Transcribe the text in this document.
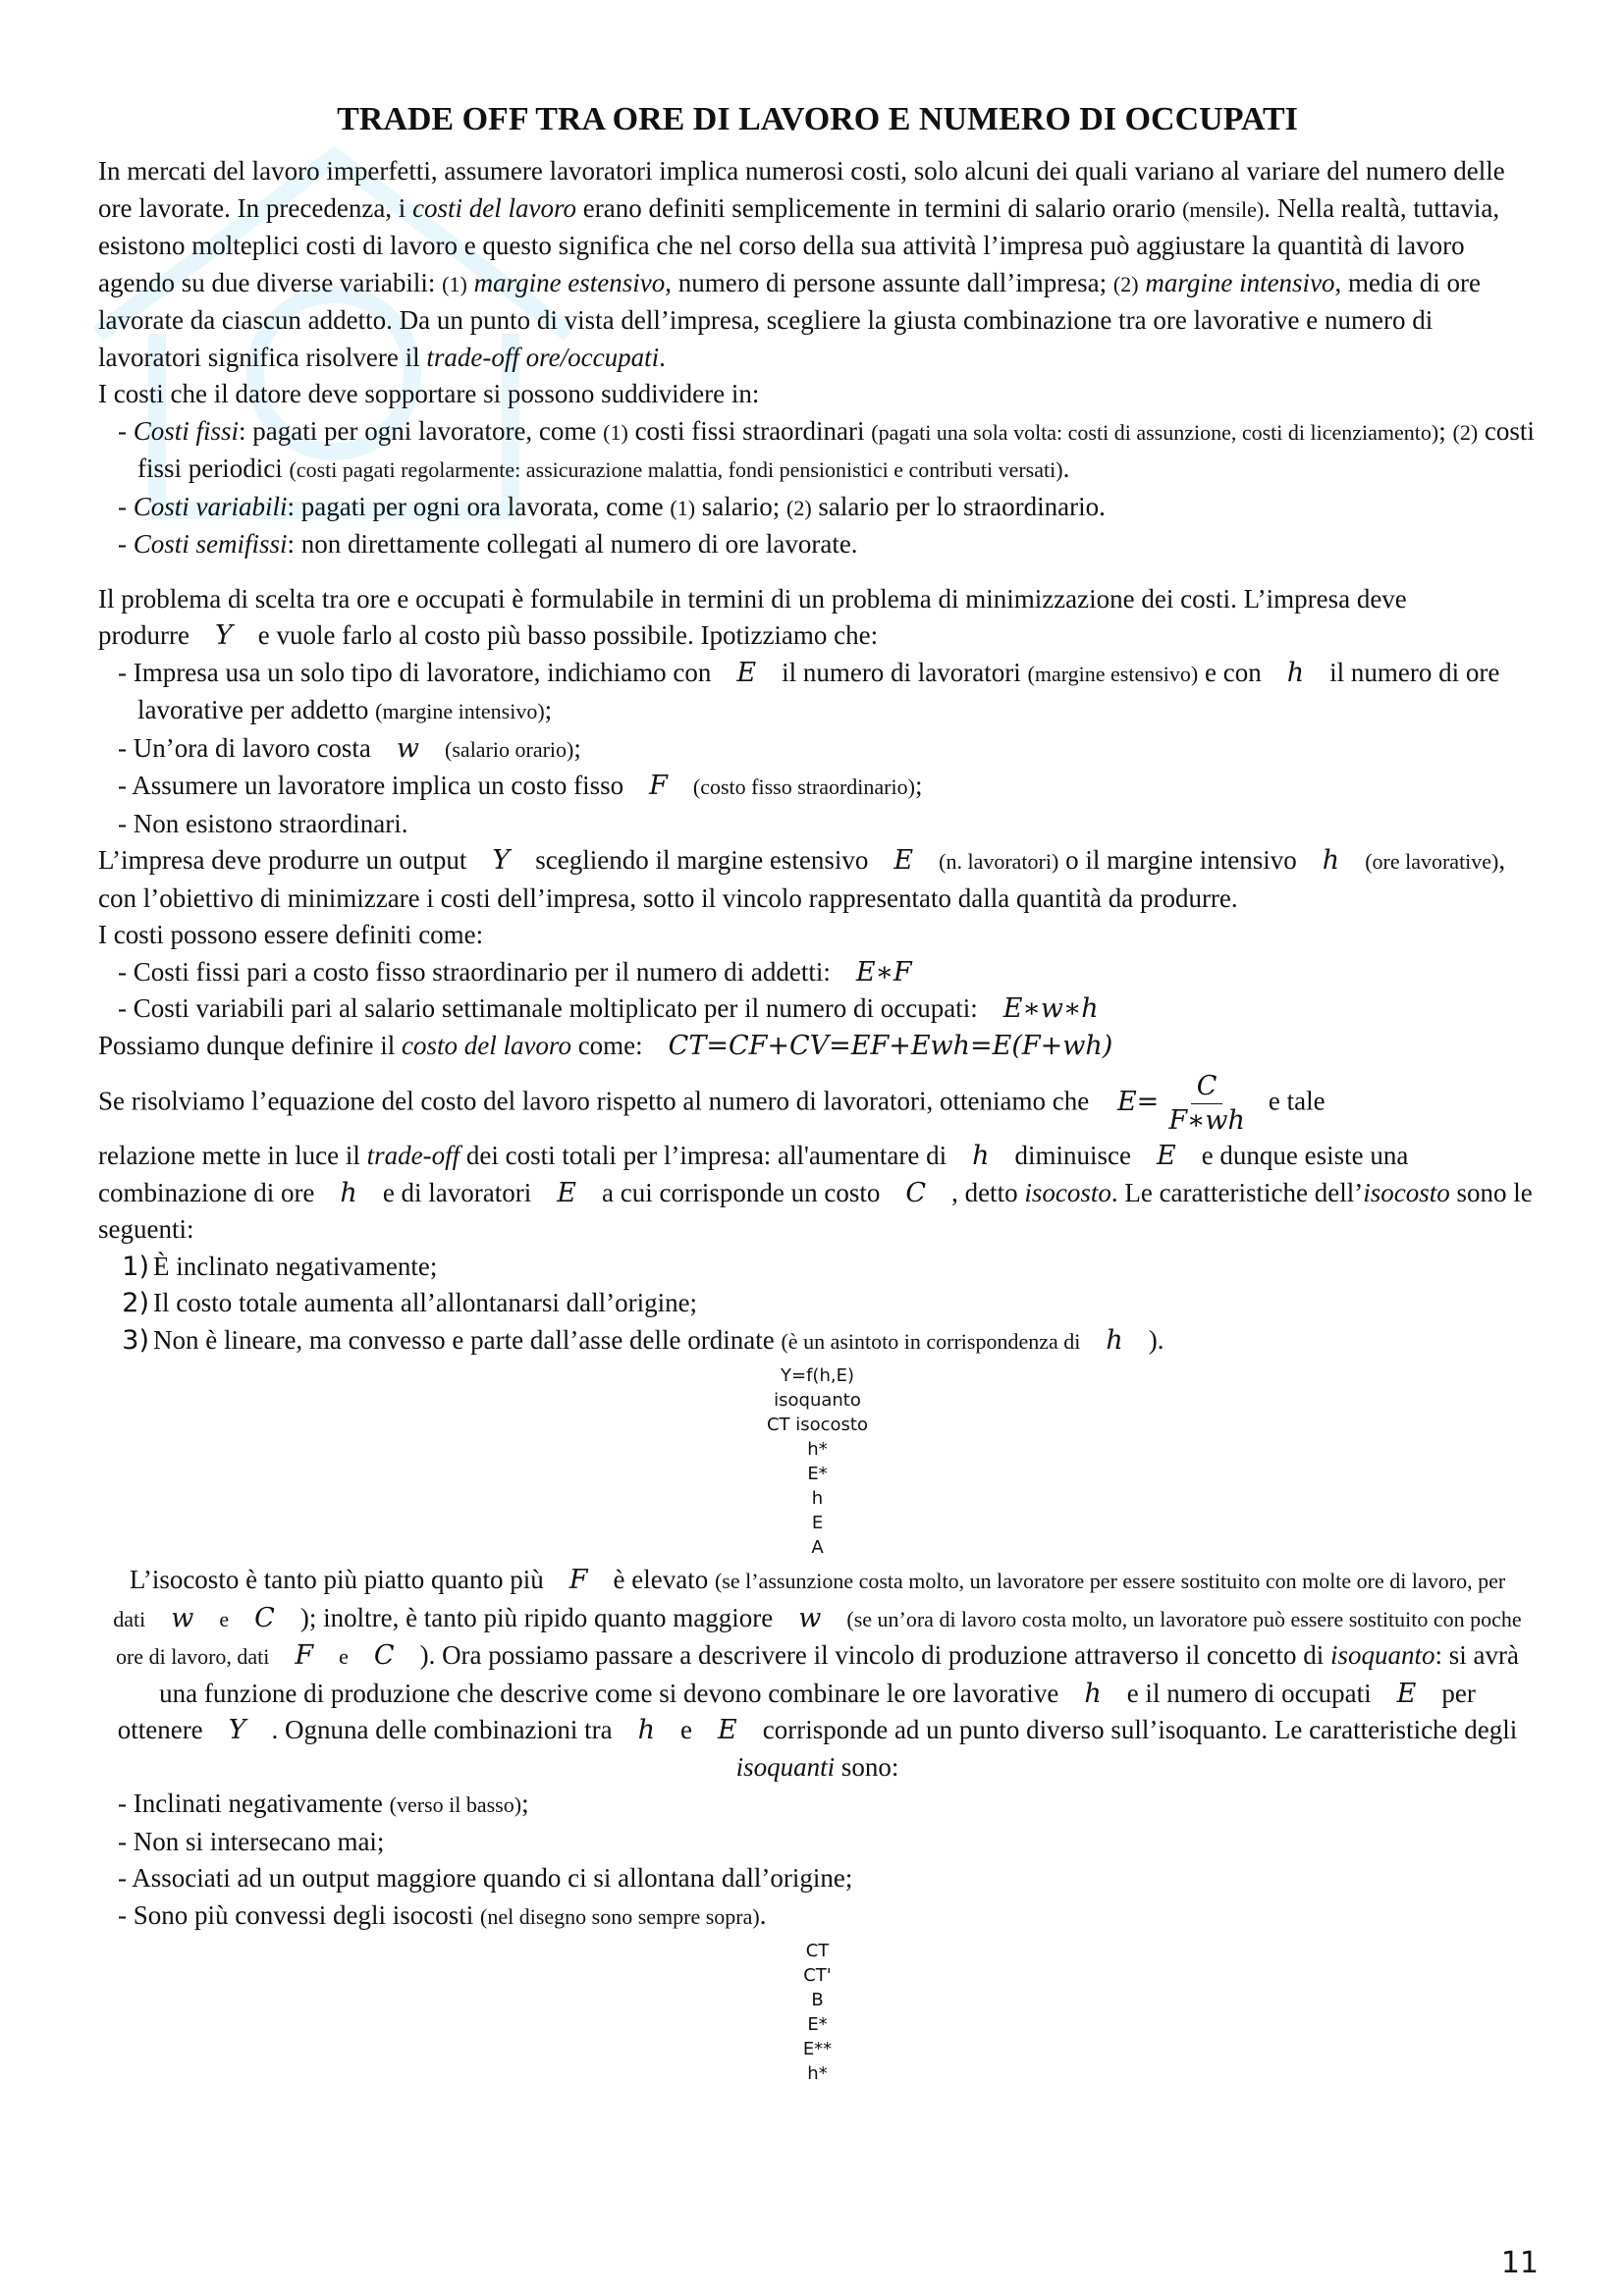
TRADE OFF TRA ORE DI LAVORO E NUMERO DI OCCUPATI

In mercati del lavoro imperfetti, assumere lavoratori implica numerosi costi, solo alcuni dei quali variano al variare del numero delle ore lavorate. In precedenza, i costi del lavoro erano definiti semplicemente in termini di salario orario (mensile). Nella realtà, tuttavia, esistono molteplici costi di lavoro e questo significa che nel corso della sua attività l’impresa può aggiustare la quantità di lavoro agendo su due diverse variabili: (1) margine estensivo, numero di persone assunte dall’impresa; (2) margine intensivo, media di ore lavorate da ciascun addetto. Da un punto di vista dell’impresa, scegliere la giusta combinazione tra ore lavorative e numero di lavoratori significa risolvere il trade-off ore/occupati.

I costi che il datore deve sopportare si possono suddividere in:

- Costi fissi: pagati per ogni lavoratore, come (1) costi fissi straordinari (pagati una sola volta: costi di assunzione, costi di licenziamento); (2) costi fissi periodici (costi pagati regolarmente: assicurazione malattia, fondi pensionistici e contributi versati).
- Costi variabili: pagati per ogni ora lavorata, come (1) salario; (2) salario per lo straordinario.
- Costi semifissi: non direttamente collegati al numero di ore lavorate.

Il problema di scelta tra ore e occupati è formulabile in termini di un problema di minimizzazione dei costi. L’impresa deve produrre Y e vuole farlo al costo più basso possibile. Ipotizziamo che:

- Impresa usa un solo tipo di lavoratore, indichiamo con E il numero di lavoratori (margine estensivo) e con h il numero di ore lavorative per addetto (margine intensivo);
- Un’ora di lavoro costa w (salario orario);
- Assumere un lavoratore implica un costo fisso F (costo fisso straordinario);
- Non esistono straordinari.

L’impresa deve produrre un output Y scegliendo il margine estensivo E (n. lavoratori) o il margine intensivo h (ore lavorative), con l’obiettivo di minimizzare i costi dell’impresa, sotto il vincolo rappresentato dalla quantità da produrre.

I costi possono essere definiti come:

- Costi fissi pari a costo fisso straordinario per il numero di addetti: E∗F
- Costi variabili pari al salario settimanale moltiplicato per il numero di occupati: E∗w∗h

Possiamo dunque definire il costo del lavoro come: CT=CF+CV=EF+Ewh=E(F+wh)

Se risolviamo l’equazione del costo del lavoro rispetto al numero di lavoratori, otteniamo che $E= \frac{C}{F∗wh}$ e tale

relazione mette in luce il trade-off dei costi totali per l’impresa: all'aumentare di h diminuisce E e dunque esiste una combinazione di ore h e di lavoratori E a cui corrisponde un costo C , detto isocosto. Le caratteristiche dell’isocosto sono le seguenti:

1) È inclinato negativamente;
2) Il costo totale aumenta all’allontanarsi dall’origine;
3) Non è lineare, ma convesso e parte dall’asse delle ordinate (è un asintoto in corrispondenza di h ).
Y=f(h,E)
isoquanto
CT isocosto
h*
E*
h
E
A

L’isocosto è tanto più piatto quanto più F è elevato (se l’assunzione costa molto, un lavoratore per essere sostituito con molte ore di lavoro, per dati w e C ); inoltre, è tanto più ripido quanto maggiore w (se un’ora di lavoro costa molto, un lavoratore può essere sostituito con poche ore di lavoro, dati F e C ). Ora possiamo passare a descrivere il vincolo di produzione attraverso il concetto di isoquanto: si avrà una funzione di produzione che descrive come si devono combinare le ore lavorative h e il numero di occupati E per ottenere Y . Ognuna delle combinazioni tra h e E corrisponde ad un punto diverso sull’isoquanto. Le caratteristiche degli isoquanti sono:

- Inclinati negativamente (verso il basso);
- Non si intersecano mai;
- Associati ad un output maggiore quando ci si allontana dall’origine;
- Sono più convessi degli isocosti (nel disegno sono sempre sopra).
CT
CT'
B
E*
E**
h*
11
